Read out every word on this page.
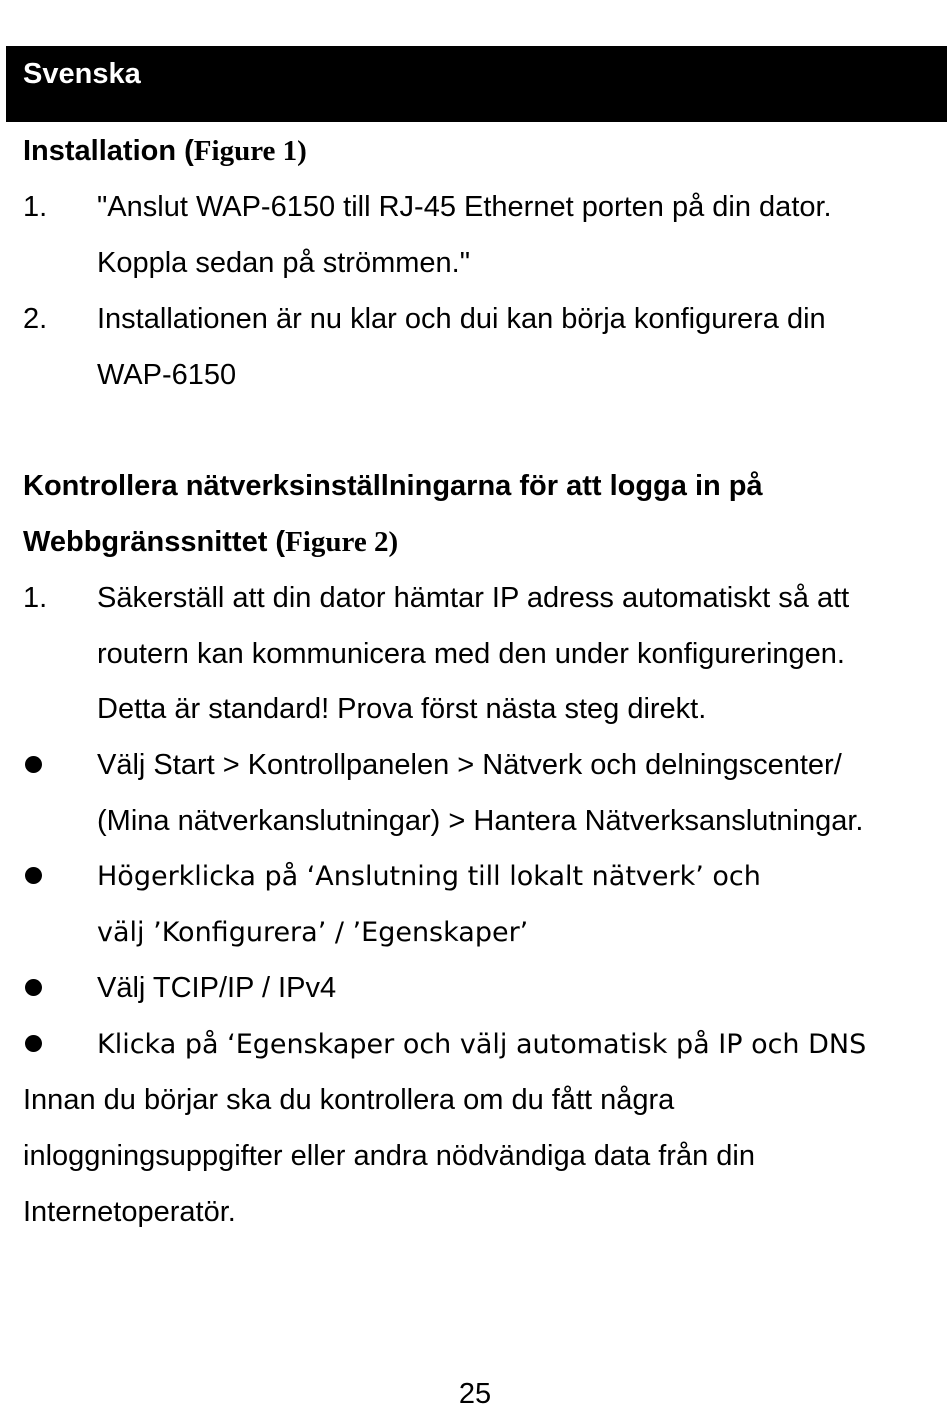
Svenska
Installation (Figure 1)
1. "Anslut WAP-6150 till RJ-45 Ethernet porten på din dator.
Koppla sedan på strömmen."
2. Installationen är nu klar och dui kan börja konfigurera din
WAP-6150
Kontrollera nätverksinställningarna för att logga in på
Webbgränssnittet (Figure 2)
1. Säkerställ att din dator hämtar IP adress automatiskt så att
routern kan kommunicera med den under konfigureringen.
Detta är standard! Prova först nästa steg direkt.
Välj Start > Kontrollpanelen > Nätverk och delningscenter/
(Mina nätverkanslutningar) > Hantera Nätverksanslutningar.
Högerklicka på ‘Anslutning till lokalt nätverk’ och
välj ’Konfigurera’ / ’Egenskaper’
Välj TCIP/IP / IPv4
Klicka på ‘Egenskaper och välj automatisk på IP och DNS
Innan du börjar ska du kontrollera om du fått några
inloggningsuppgifter eller andra nödvändiga data från din
Internetoperatör.
25
